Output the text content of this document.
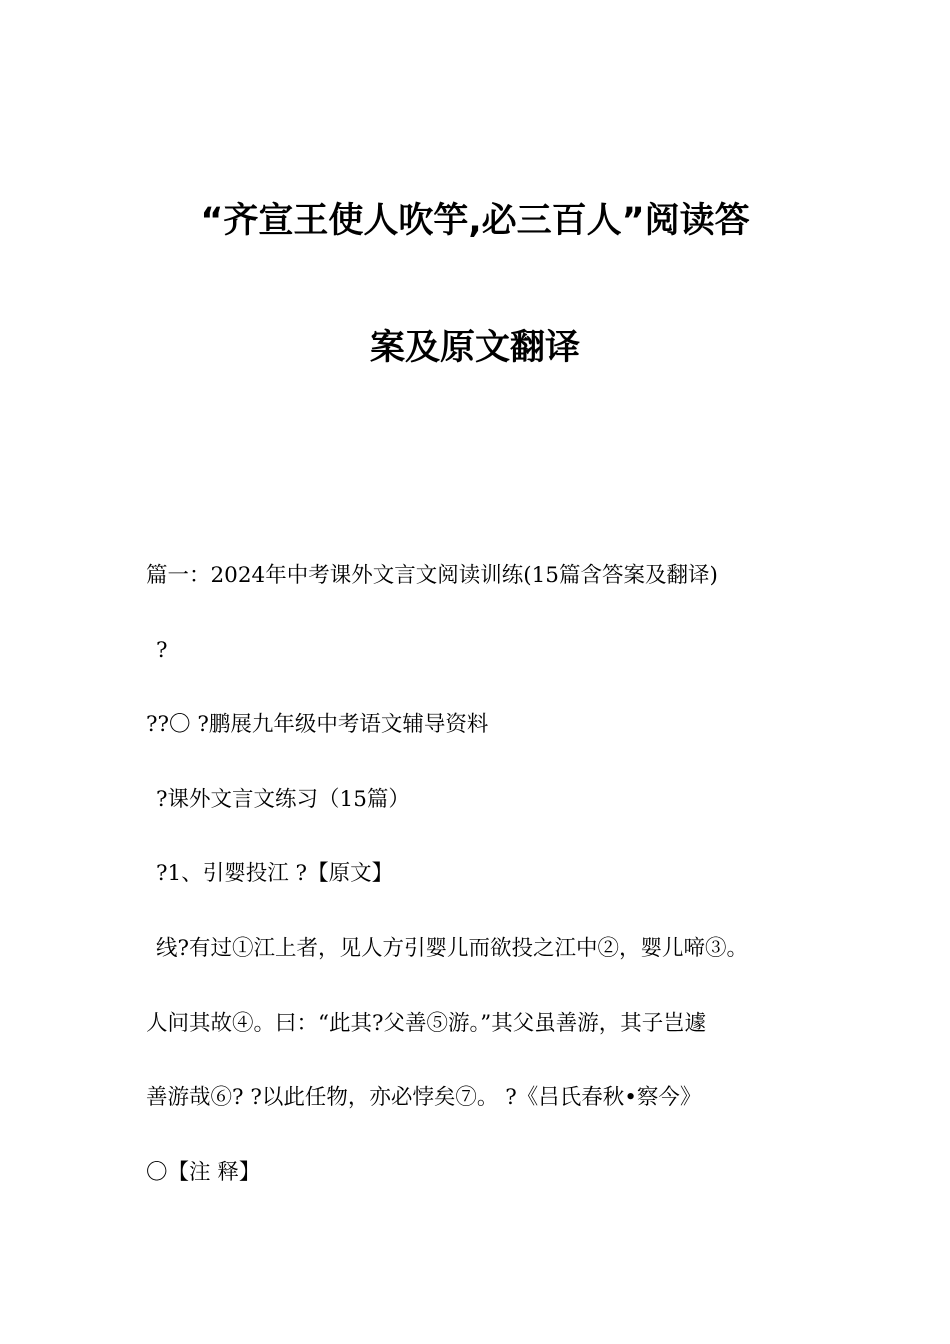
“齐宣王使人吹竽,必三百人”阅读答
案及原文翻译
篇一：2024年中考课外文言文阅读训练(15篇含答案及翻译)
?
??〇 ?鹏展九年级中考语文辅导资料
?课外文言文练习（15篇）
?1、引婴投江 ?【原文】
线?有过①江上者，见人方引婴儿而欲投之江中②，婴儿啼③。
人问其故④。曰：“此其?父善⑤游。”其父虽善游，其子岂遽
善游哉⑥? ?以此任物，亦必悖矣⑦。 ?《吕氏春秋•察今》
〇【注 释】
